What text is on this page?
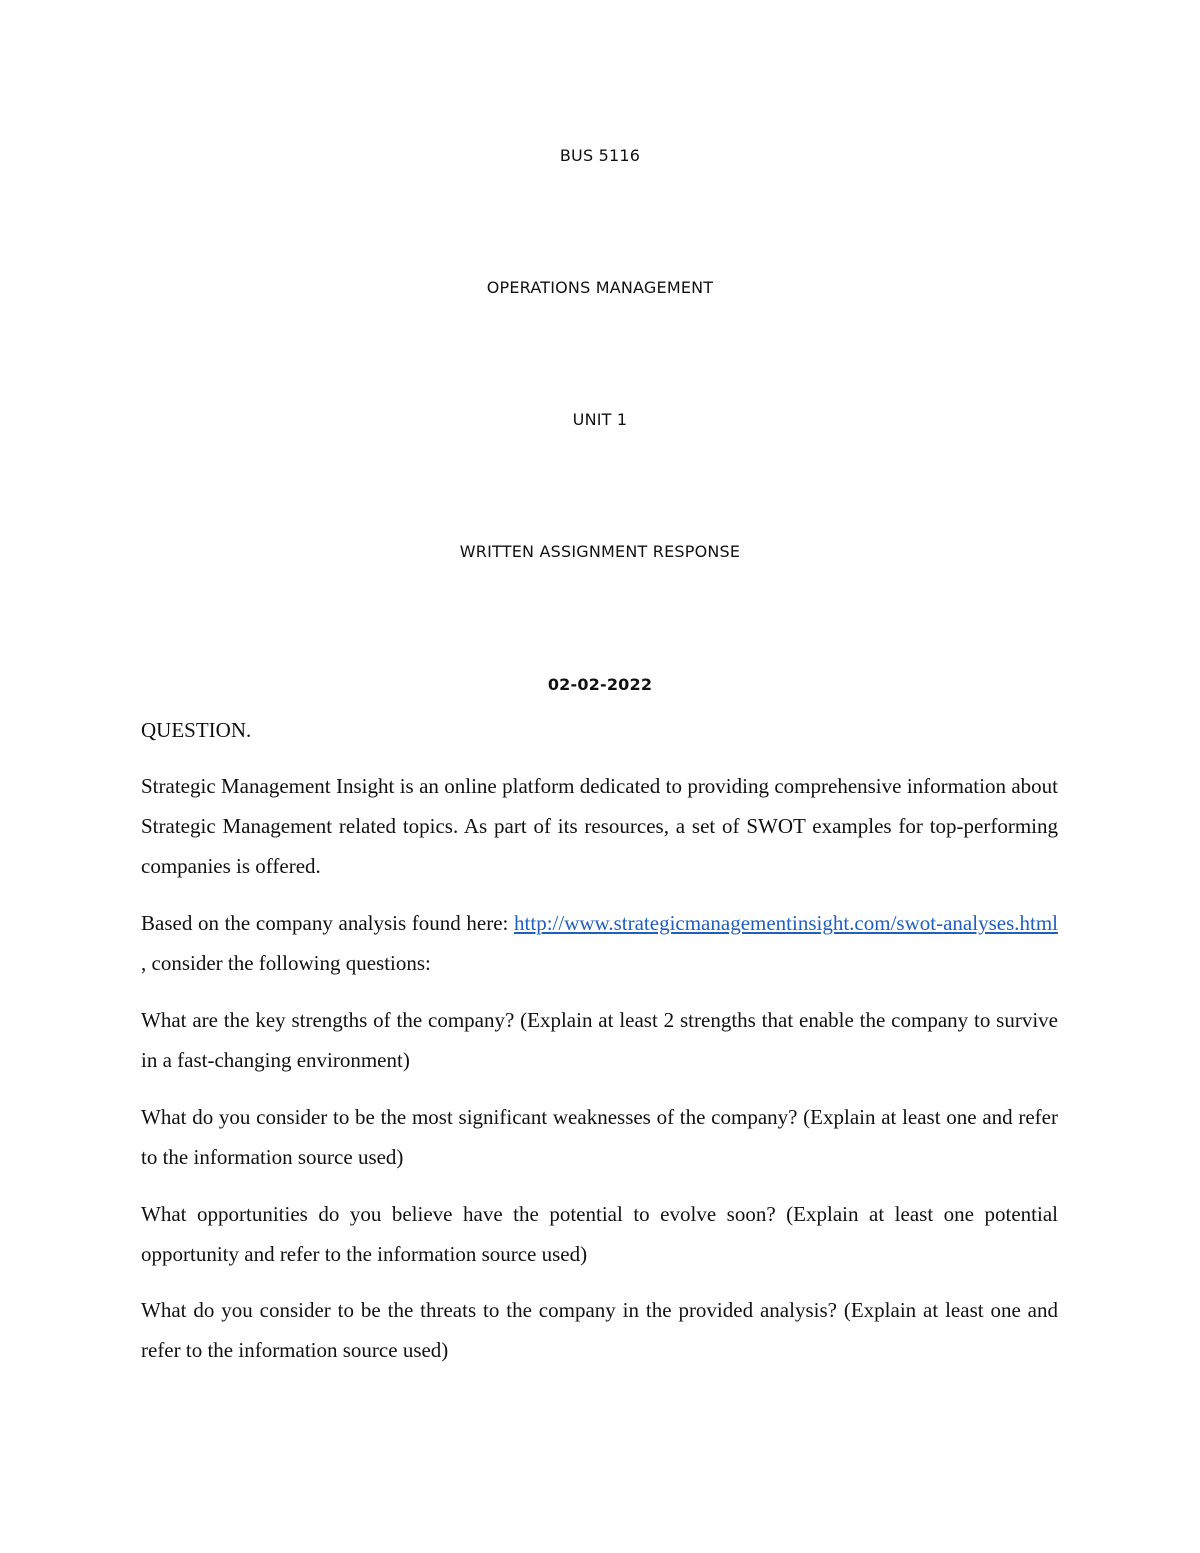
BUS 5116
OPERATIONS MANAGEMENT
UNIT 1
WRITTEN ASSIGNMENT RESPONSE
02-02-2022

QUESTION.

Strategic Management Insight is an online platform dedicated to providing comprehensive information about Strategic Management related topics. As part of its resources, a set of SWOT examples for top-performing companies is offered.

Based on the company analysis found here: http://www.strategicmanagementinsight.com/swot-analyses.html , consider the following questions:

What are the key strengths of the company? (Explain at least 2 strengths that enable the company to survive in a fast-changing environment)

What do you consider to be the most significant weaknesses of the company? (Explain at least one and refer to the information source used)

What opportunities do you believe have the potential to evolve soon? (Explain at least one potential opportunity and refer to the information source used)

What do you consider to be the threats to the company in the provided analysis? (Explain at least one and refer to the information source used)
